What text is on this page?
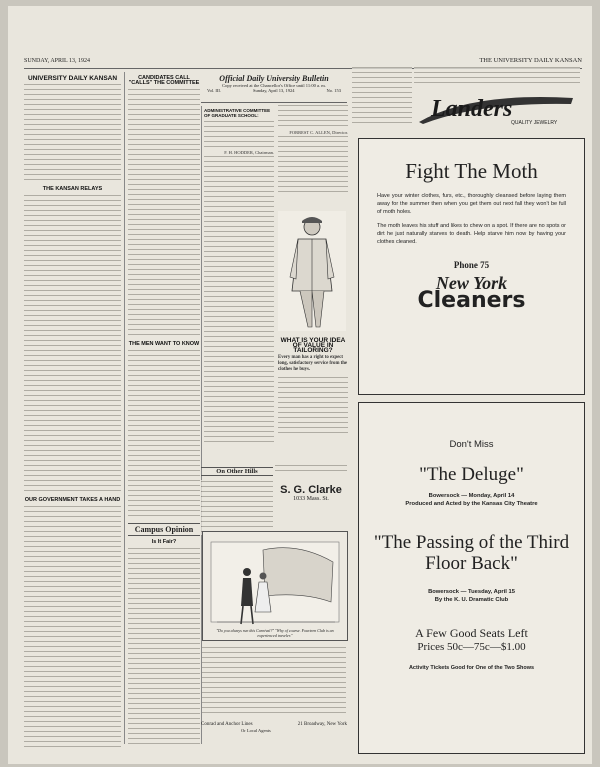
SUNDAY, APRIL 13, 1924	THE UNIVERSITY DAILY KANSAN
UNIVERSITY DAILY KANSAN
THE KANSAN RELAYS
OUR GOVERNMENT TAKES A HAND
CANDIDATES CALL "CALLS" THE COMMITTEE
THE MEN WANT TO KNOW
Campus Opinion
Is It Fair?
Official Daily University Bulletin
Copy received at the Chancellor's Office until 11:00 a. m.
Vol. III.	Sunday, April 13, 1924	No. 153
ADMINISTRATIVE COMMITTEE OF GRADUATE SCHOOL:
F. H. HODDER, Chairman.
FORREST C. ALLEN, Director.
WHAT IS YOUR IDEA OF VALUE IN TAILORING?
Every man has a right to expect long, satisfactory service from the clothes he buys.
On Other Hills
S. G. Clarke
1033 Mass. St.
"Do you always run this Carnival?" "Why of course. Fourteen Club is an experienced traveler."
Conrad and Anchor Lines	21 Broadway, New York
Or Local Agents
Landers
QUALITY JEWELRY
Fight The Moth

Have your winter clothes, furs, etc., thoroughly cleansed before laying them away for the summer then when you get them out next fall they won't be full of moth holes.

The moth leaves his stuff and likes to chew on a spot. If there are no spots or dirt he just naturally starves to death. Help starve him now by having your clothes cleaned.

Phone 75
New York
Cleaners
Don't Miss
"The Deluge"
Bowersock — Monday, April 14
Produced and Acted by the Kansas City Theatre
"The Passing of the Third Floor Back"
Bowersock — Tuesday, April 15
By the K. U. Dramatic Club
A Few Good Seats Left
Prices 50c—75c—$1.00
Activity Tickets Good for One of the Two Shows
